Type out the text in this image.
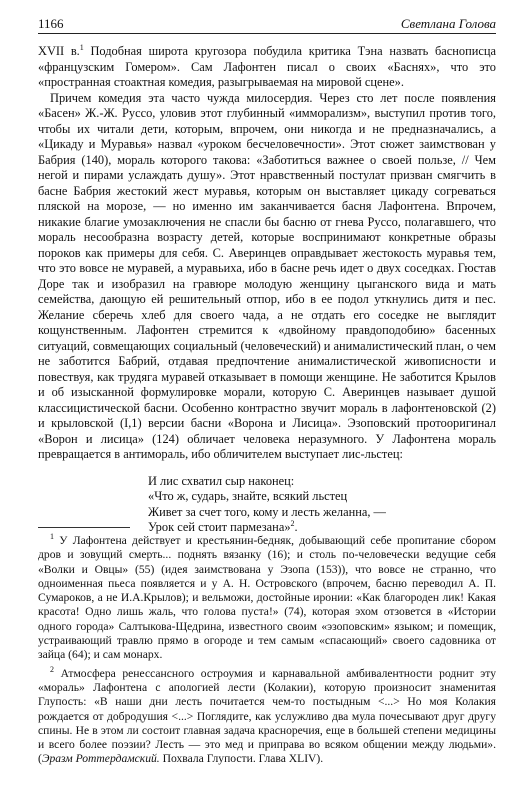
1166	Светлана Голова

XVII в.$^1$ Подобная широта кругозора побудила критика Тэна назвать баснописца «французским Гомером». Сам Лафонтен писал о своих «Баснях», что это «пространная стоактная комедия, разыгрываемая на мировой сцене».

Причем комедия эта часто чужда милосердия. Через сто лет после появления «Басен» Ж.-Ж. Руссо, уловив этот глубинный «имморализм», выступил против того, чтобы их читали дети, которым, впрочем, они никогда и не предназначались, а «Цикаду и Муравья» назвал «уроком бесчеловечности». Этот сюжет заимствован у Бабрия (140), мораль которого такова: «Заботиться важнее о своей пользе, // Чем негой и пирами услаждать душу». Этот нравственный постулат призван смягчить в басне Бабрия жестокий жест муравья, которым он выставляет цикаду согреваться пляской на морозе, — но именно им заканчивается басня Лафонтена. Впрочем, никакие благие умозаключения не спасли бы басню от гнева Руссо, полагавшего, что мораль несообразна возрасту детей, которые воспринимают конкретные образы пороков как примеры для себя. С. Аверинцев оправдывает жестокость муравья тем, что это вовсе не муравей, а муравьиха, ибо в басне речь идет о двух соседках. Гюстав Доре так и изобразил на гравюре молодую женщину цыганского вида и мать семейства, дающую ей решительный отпор, ибо в ее подол уткнулись дитя и пес. Желание сберечь хлеб для своего чада, а не отдать его соседке не выглядит кощунственным. Лафонтен стремится к «двойному правдоподобию» басенных ситуаций, совмещающих социальный (человеческий) и анималистический план, о чем не заботится Бабрий, отдавая предпочтение анималистической живописности и повествуя, как трудяга муравей отказывает в помощи женщине. Не заботится Крылов и об изысканной формулировке морали, которую С. Аверинцев называет душой классицистической басни. Особенно контрастно звучит мораль в лафонтеновской (2) и крыловской (I,1) версии басни «Ворона и Лисица». Эзоповский протооригинал «Ворон и лисица» (124) обличает человека неразумного. У Лафонтена мораль превращается в антимораль, ибо обличителем выступает лис-льстец:

И лис схватил сыр наконец:
«Что ж, сударь, знайте, всякий льстец
Живет за счет того, кому и лесть желанна, —
Урок сей стоит пармезана»$^2$.

$^1$ У Лафонтена действует и крестьянин-бедняк, добывающий себе пропитание сбором дров и зовущий смерть... поднять вязанку (16); и столь по-человечески ведущие себя «Волки и Овцы» (55) (идея заимствована у Эзопа (153)), что вовсе не странно, что одноименная пьеса появляется и у А. Н. Островского (впрочем, басню переводил А. П. Сумароков, а не И.А.Крылов); и вельможи, достойные иронии: «Как благороден лик! Какая красота! Одно лишь жаль, что голова пуста!» (74), которая эхом отзовется в «Истории одного города» Салтыкова-Щедрина, известного своим «эзоповским» языком; и помещик, устраивающий травлю прямо в огороде и тем самым «спасающий» своего садовника от зайца (64); и сам монарх.

$^2$ Атмосфера ренессансного остроумия и карнавальной амбивалентности роднит эту «мораль» Лафонтена с апологией лести (Колакии), которую произносит знаменитая Глупость: «В наши дни лесть почитается чем-то постыдным <...> Но моя Колакия рождается от добродушия <...> Поглядите, как услужливо два мула почесывают друг другу спины. Не в этом ли состоит главная задача красноречия, еще в большей степени медицины и всего более поэзии? Лесть — это мед и приправа во всяком общении между людьми». (Эразм Роттердамский. Похвала Глупости. Глава XLIV).
